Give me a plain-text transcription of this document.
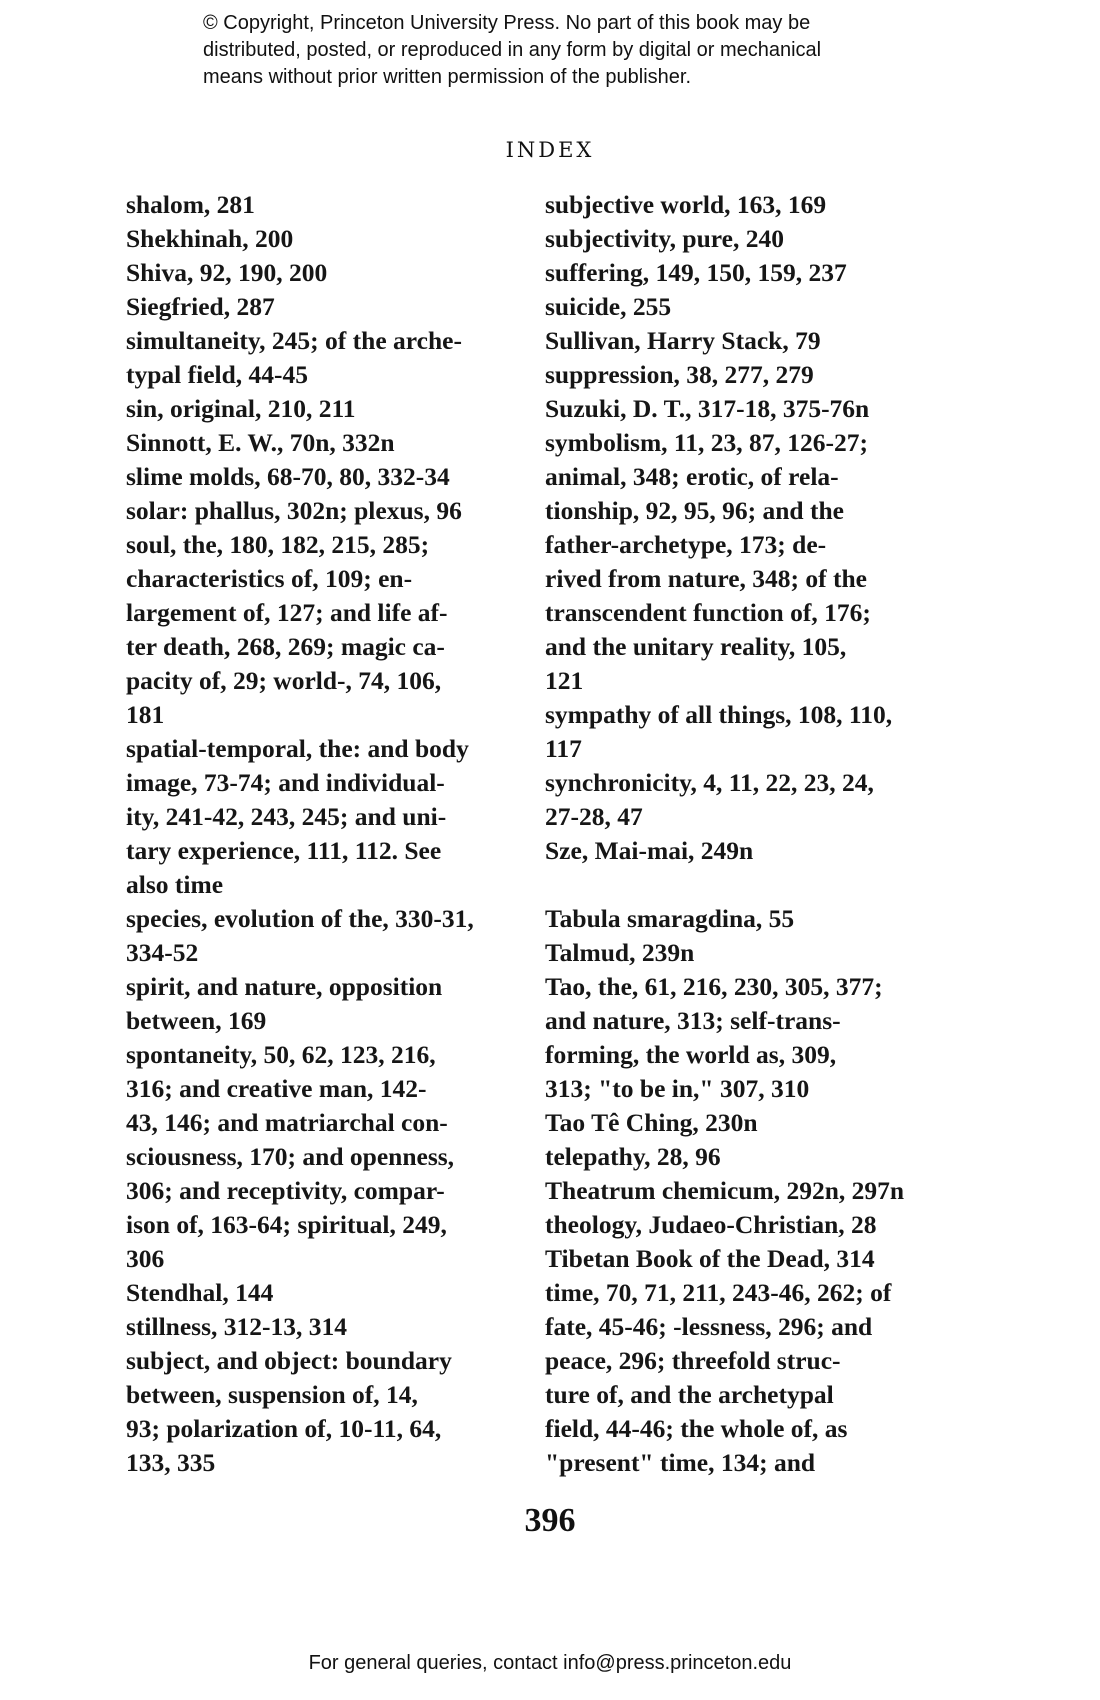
© Copyright, Princeton University Press. No part of this book may be
distributed, posted, or reproduced in any form by digital or mechanical
means without prior written permission of the publisher.
INDEX
shalom, 281
Shekhinah, 200
Shiva, 92, 190, 200
Siegfried, 287
simultaneity, 245; of the arche-
typal field, 44-45
sin, original, 210, 211
Sinnott, E. W., 70n, 332n
slime molds, 68-70, 80, 332-34
solar: phallus, 302n; plexus, 96
soul, the, 180, 182, 215, 285;
characteristics of, 109; en-
largement of, 127; and life af-
ter death, 268, 269; magic ca-
pacity of, 29; world-, 74, 106,
181
spatial-temporal, the: and body
image, 73-74; and individual-
ity, 241-42, 243, 245; and uni-
tary experience, 111, 112. See
also time
species, evolution of the, 330-31,
334-52
spirit, and nature, opposition
between, 169
spontaneity, 50, 62, 123, 216,
316; and creative man, 142-
43, 146; and matriarchal con-
sciousness, 170; and openness,
306; and receptivity, compar-
ison of, 163-64; spiritual, 249,
306
Stendhal, 144
stillness, 312-13, 314
subject, and object: boundary
between, suspension of, 14,
93; polarization of, 10-11, 64,
133, 335
subjective world, 163, 169
subjectivity, pure, 240
suffering, 149, 150, 159, 237
suicide, 255
Sullivan, Harry Stack, 79
suppression, 38, 277, 279
Suzuki, D. T., 317-18, 375-76n
symbolism, 11, 23, 87, 126-27;
animal, 348; erotic, of rela-
tionship, 92, 95, 96; and the
father-archetype, 173; de-
rived from nature, 348; of the
transcendent function of, 176;
and the unitary reality, 105,
121
sympathy of all things, 108, 110,
117
synchronicity, 4, 11, 22, 23, 24,
27-28, 47
Sze, Mai-mai, 249n
Tabula smaragdina, 55
Talmud, 239n
Tao, the, 61, 216, 230, 305, 377;
and nature, 313; self-trans-
forming, the world as, 309,
313; "to be in," 307, 310
Tao Tê Ching, 230n
telepathy, 28, 96
Theatrum chemicum, 292n, 297n
theology, Judaeo-Christian, 28
Tibetan Book of the Dead, 314
time, 70, 71, 211, 243-46, 262; of
fate, 45-46; -lessness, 296; and
peace, 296; threefold struc-
ture of, and the archetypal
field, 44-46; the whole of, as
"present" time, 134; and
396
For general queries, contact info@press.princeton.edu
